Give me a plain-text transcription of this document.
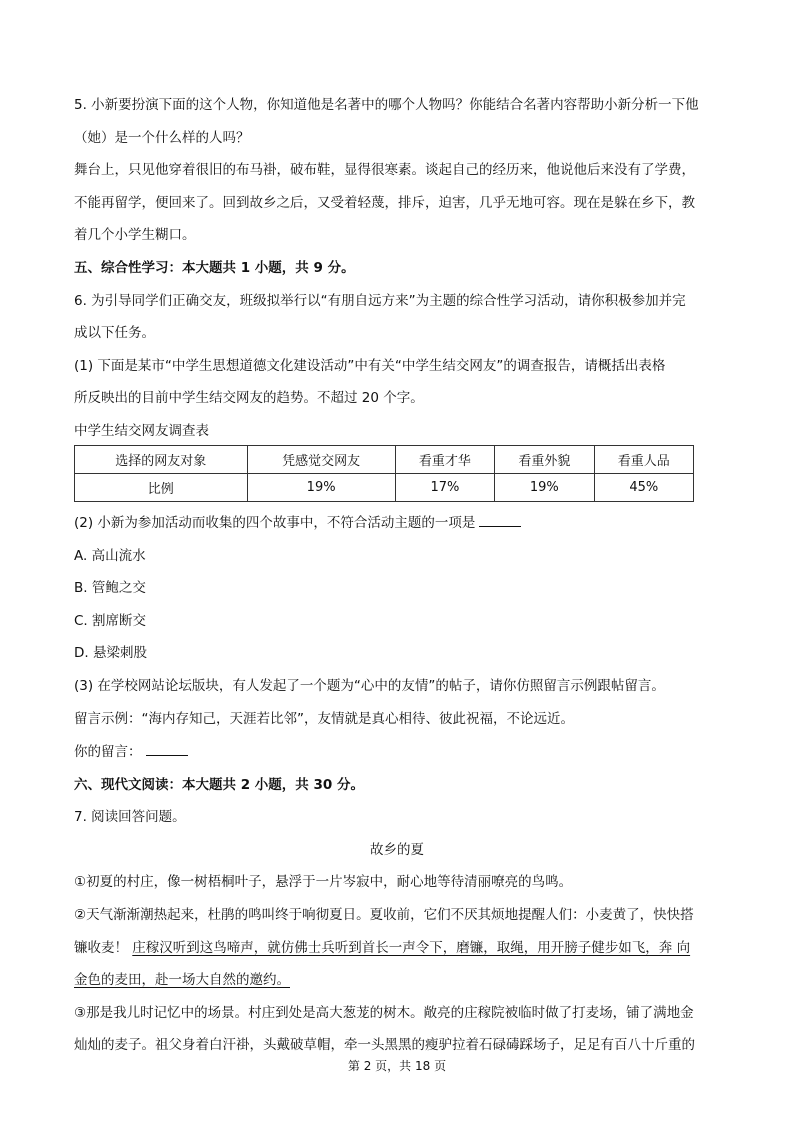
5. 小新要扮演下面的这个人物，你知道他是名著中的哪个人物吗？你能结合名著内容帮助小新分析一下他
（她）是一个什么样的人吗？
舞台上，只见他穿着很旧的布马褂，破布鞋，显得很寒素。谈起自己的经历来，他说他后来没有了学费，
不能再留学，便回来了。回到故乡之后，又受着轻蔑，排斥，迫害，几乎无地可容。现在是躲在乡下，教
着几个小学生糊口。
五、综合性学习：本大题共 1 小题，共 9 分。
6. 为引导同学们正确交友，班级拟举行以“有朋自远方来”为主题的综合性学习活动，请你积极参加并完
成以下任务。
(1) 下面是某市“中学生思想道德文化建设活动”中有关“中学生结交网友”的调查报告，请概括出表格
所反映出的目前中学生结交网友的趋势。不超过 20 个字。
中学生结交网友调查表
选择的网友对象	凭感觉交网友	看重才华	看重外貌	看重人品
比例	19%	17%	19%	45%
(2) 小新为参加活动而收集的四个故事中，不符合活动主题的一项是
A. 高山流水
B. 管鲍之交
C. 割席断交
D. 悬梁刺股
(3) 在学校网站论坛版块，有人发起了一个题为“心中的友情”的帖子，请你仿照留言示例跟帖留言。
留言示例：“海内存知己，天涯若比邻”，友情就是真心相待、彼此祝福，不论远近。
你的留言：
六、现代文阅读：本大题共 2 小题，共 30 分。
7. 阅读回答问题。
故乡的夏
①初夏的村庄，像一树梧桐叶子，悬浮于一片岑寂中，耐心地等待清丽嘹亮的鸟鸣。
②天气渐渐潮热起来，杜鹃的鸣叫终于响彻夏日。夏收前，它们不厌其烦地提醒人们：小麦黄了，快快搭
镰收麦！ 庄稼汉听到这鸟啼声，就仿佛士兵听到首长一声令下，磨镰，取绳，用开膀子健步如飞，奔 向
金色的麦田，赴一场大自然的邀约。
③那是我儿时记忆中的场景。村庄到处是高大葱茏的树木。敞亮的庄稼院被临时做了打麦场，铺了满地金
灿灿的麦子。祖父身着白汗褂，头戴破草帽，牵一头黑黑的瘦驴拉着石碌碡踩场子，足足有百八十斤重的
第 2 页，共 18 页
